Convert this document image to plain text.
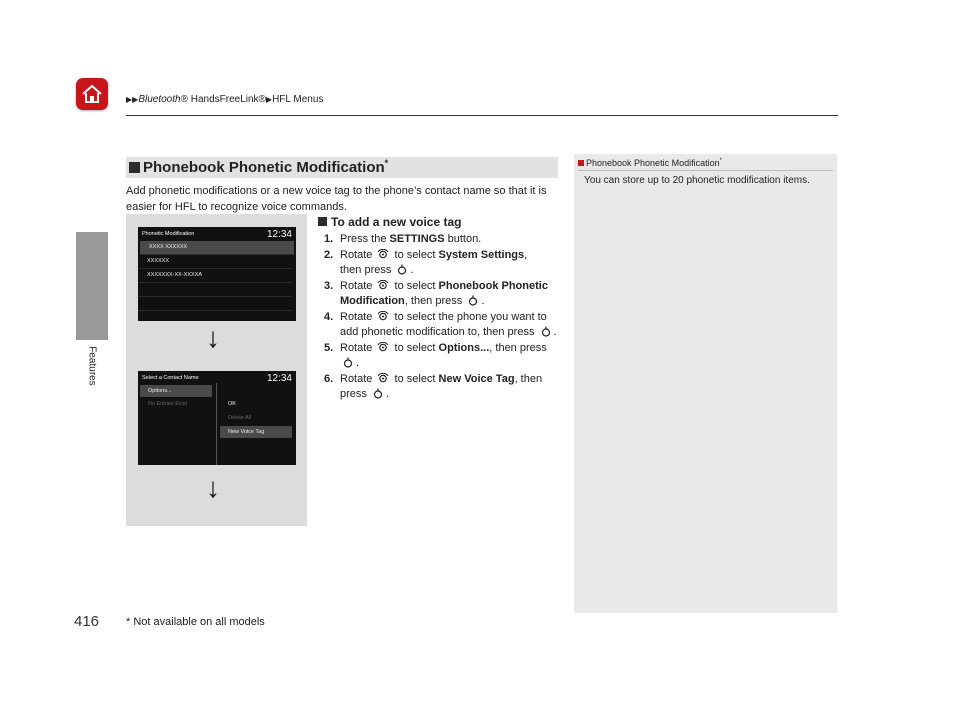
▶▶Bluetooth® HandsFreeLink®▶HFL Menus
Features
Phonebook Phonetic Modification*
Add phonetic modifications or a new voice tag to the phone’s contact name so that it is easier for HFL to recognize voice commands.
Phonetic Modification	12:34
XXXX XXXXXX
XXXXXX
XXXXXXX-XX-XXXXA
↓
Select a Contact Name	12:34
Options...
No Entries Exist	OK
Delete All
New Voice Tag
↓
To add a new voice tag
1. Press the SETTINGS button.
2. Rotate  to select System Settings,
then press .
3. Rotate  to select Phonebook Phonetic Modification, then press .
4. Rotate  to select the phone you want to add phonetic modification to, then press .
5. Rotate  to select Options..., then press .
6. Rotate  to select New Voice Tag, then press .
Phonebook Phonetic Modification*
You can store up to 20 phonetic modification items.
416 * Not available on all models
